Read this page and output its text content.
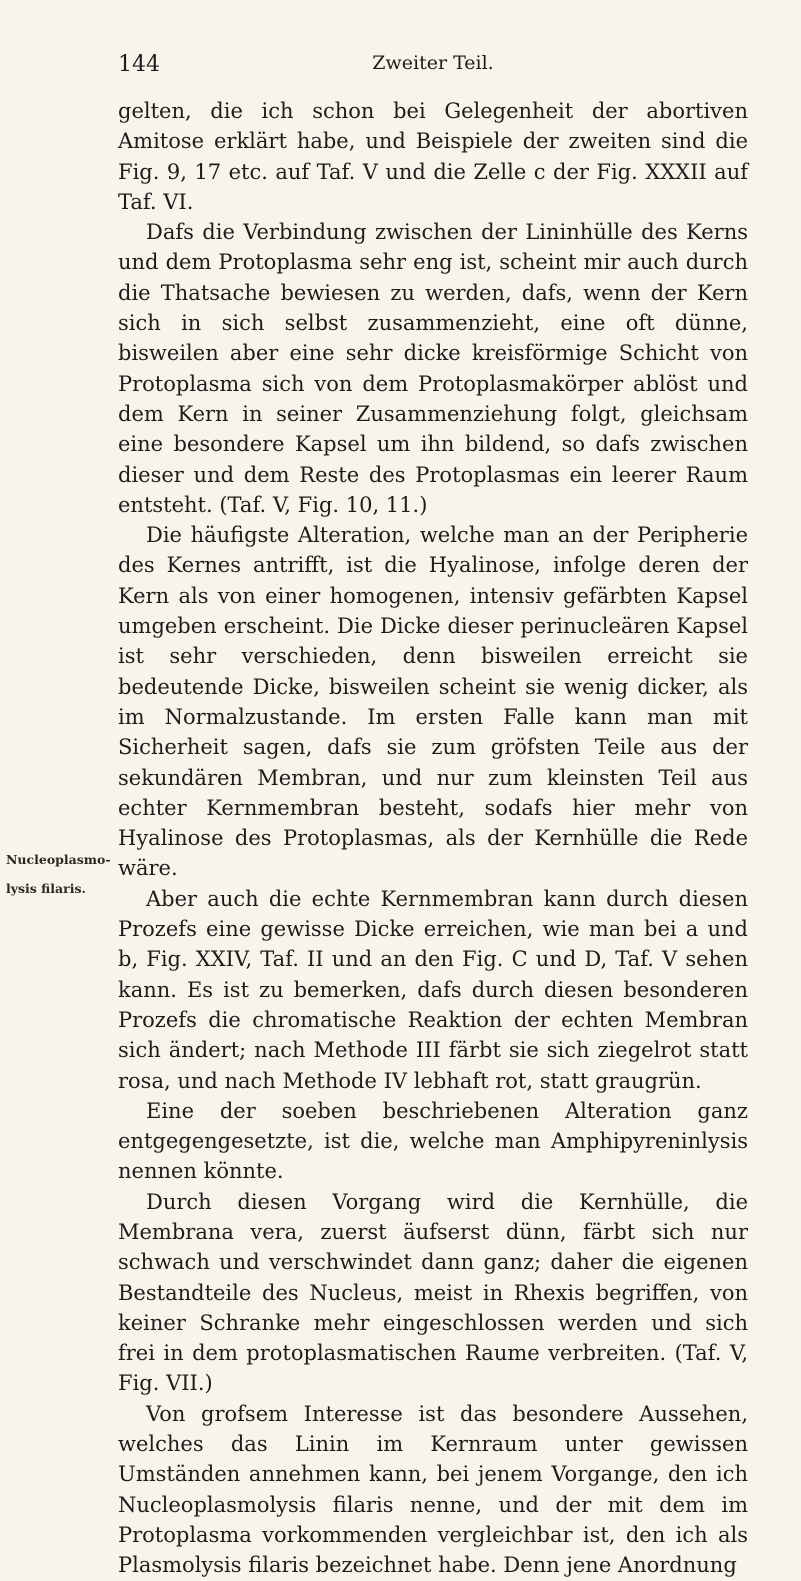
144	Zweiter Teil.
Nucleoplasmo-
lysis filaris.

gelten, die ich schon bei Gelegenheit der abortiven Amitose erklärt habe, und Beispiele der zweiten sind die Fig. 9, 17 etc. auf Taf. V und die Zelle c der Fig. XXXII auf Taf. VI.

Dafs die Verbindung zwischen der Lininhülle des Kerns und dem Protoplasma sehr eng ist, scheint mir auch durch die Thatsache bewiesen zu werden, dafs, wenn der Kern sich in sich selbst zusammenzieht, eine oft dünne, bisweilen aber eine sehr dicke kreisförmige Schicht von Protoplasma sich von dem Protoplasmakörper ablöst und dem Kern in seiner Zusammenziehung folgt, gleichsam eine besondere Kapsel um ihn bildend, so dafs zwischen dieser und dem Reste des Protoplasmas ein leerer Raum entsteht. (Taf. V, Fig. 10, 11.)

Die häufigste Alteration, welche man an der Peripherie des Kernes antrifft, ist die Hyalinose, infolge deren der Kern als von einer homogenen, intensiv gefärbten Kapsel umgeben erscheint. Die Dicke dieser perinucleären Kapsel ist sehr verschieden, denn bisweilen erreicht sie bedeutende Dicke, bisweilen scheint sie wenig dicker, als im Normalzustande. Im ersten Falle kann man mit Sicherheit sagen, dafs sie zum gröfsten Teile aus der sekundären Membran, und nur zum kleinsten Teil aus echter Kernmembran besteht, sodafs hier mehr von Hyalinose des Protoplasmas, als der Kernhülle die Rede wäre.

Aber auch die echte Kernmembran kann durch diesen Prozefs eine gewisse Dicke erreichen, wie man bei a und b, Fig. XXIV, Taf. II und an den Fig. C und D, Taf. V sehen kann. Es ist zu bemerken, dafs durch diesen besonderen Prozefs die chromatische Reaktion der echten Membran sich ändert; nach Methode III färbt sie sich ziegelrot statt rosa, und nach Methode IV lebhaft rot, statt graugrün.

Eine der soeben beschriebenen Alteration ganz entgegengesetzte, ist die, welche man Amphipyreninlysis nennen könnte.

Durch diesen Vorgang wird die Kernhülle, die Membrana vera, zuerst äufserst dünn, färbt sich nur schwach und verschwindet dann ganz; daher die eigenen Bestandteile des Nucleus, meist in Rhexis begriffen, von keiner Schranke mehr eingeschlossen werden und sich frei in dem protoplasmatischen Raume verbreiten. (Taf. V, Fig. VII.)

Von grofsem Interesse ist das besondere Aussehen, welches das Linin im Kernraum unter gewissen Umständen annehmen kann, bei jenem Vorgange, den ich Nucleoplasmolysis filaris nenne, und der mit dem im Protoplasma vorkommenden vergleichbar ist, den ich als Plasmolysis filaris bezeichnet habe. Denn jene Anordnung
